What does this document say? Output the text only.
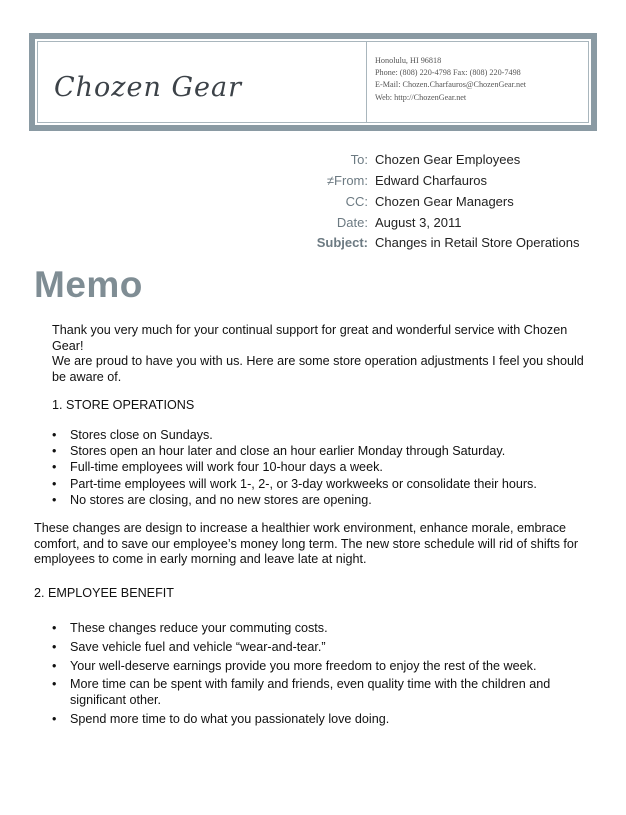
Chozen Gear
Honolulu, HI 96818
Phone: (808) 220-4798 Fax: (808) 220-7498
E-Mail: Chozen.Charfauros@ChozenGear.net
Web: http://ChozenGear.net
To: Chozen Gear Employees
≠From: Edward Charfauros
CC: Chozen Gear Managers
Date: August 3, 2011
Subject: Changes in Retail Store Operations
Memo
Thank you very much for your continual support for great and wonderful service with Chozen
Gear!
We are proud to have you with us. Here are some store operation adjustments I feel you should
be aware of.
1. STORE OPERATIONS
• Stores close on Sundays.
• Stores open an hour later and close an hour earlier Monday through Saturday.
• Full-time employees will work four 10-hour days a week.
• Part-time employees will work 1-, 2-, or 3-day workweeks or consolidate their hours.
• No stores are closing, and no new stores are opening.
These changes are design to increase a healthier work environment, enhance morale, embrace
comfort, and to save our employee’s money long term. The new store schedule will rid of shifts for
employees to come in early morning and leave late at night.
2. EMPLOYEE BENEFIT
• These changes reduce your commuting costs.
• Save vehicle fuel and vehicle “wear-and-tear.”
• Your well-deserve earnings provide you more freedom to enjoy the rest of the week.
• More time can be spent with family and friends, even quality time with the children and
significant other.
• Spend more time to do what you passionately love doing.
